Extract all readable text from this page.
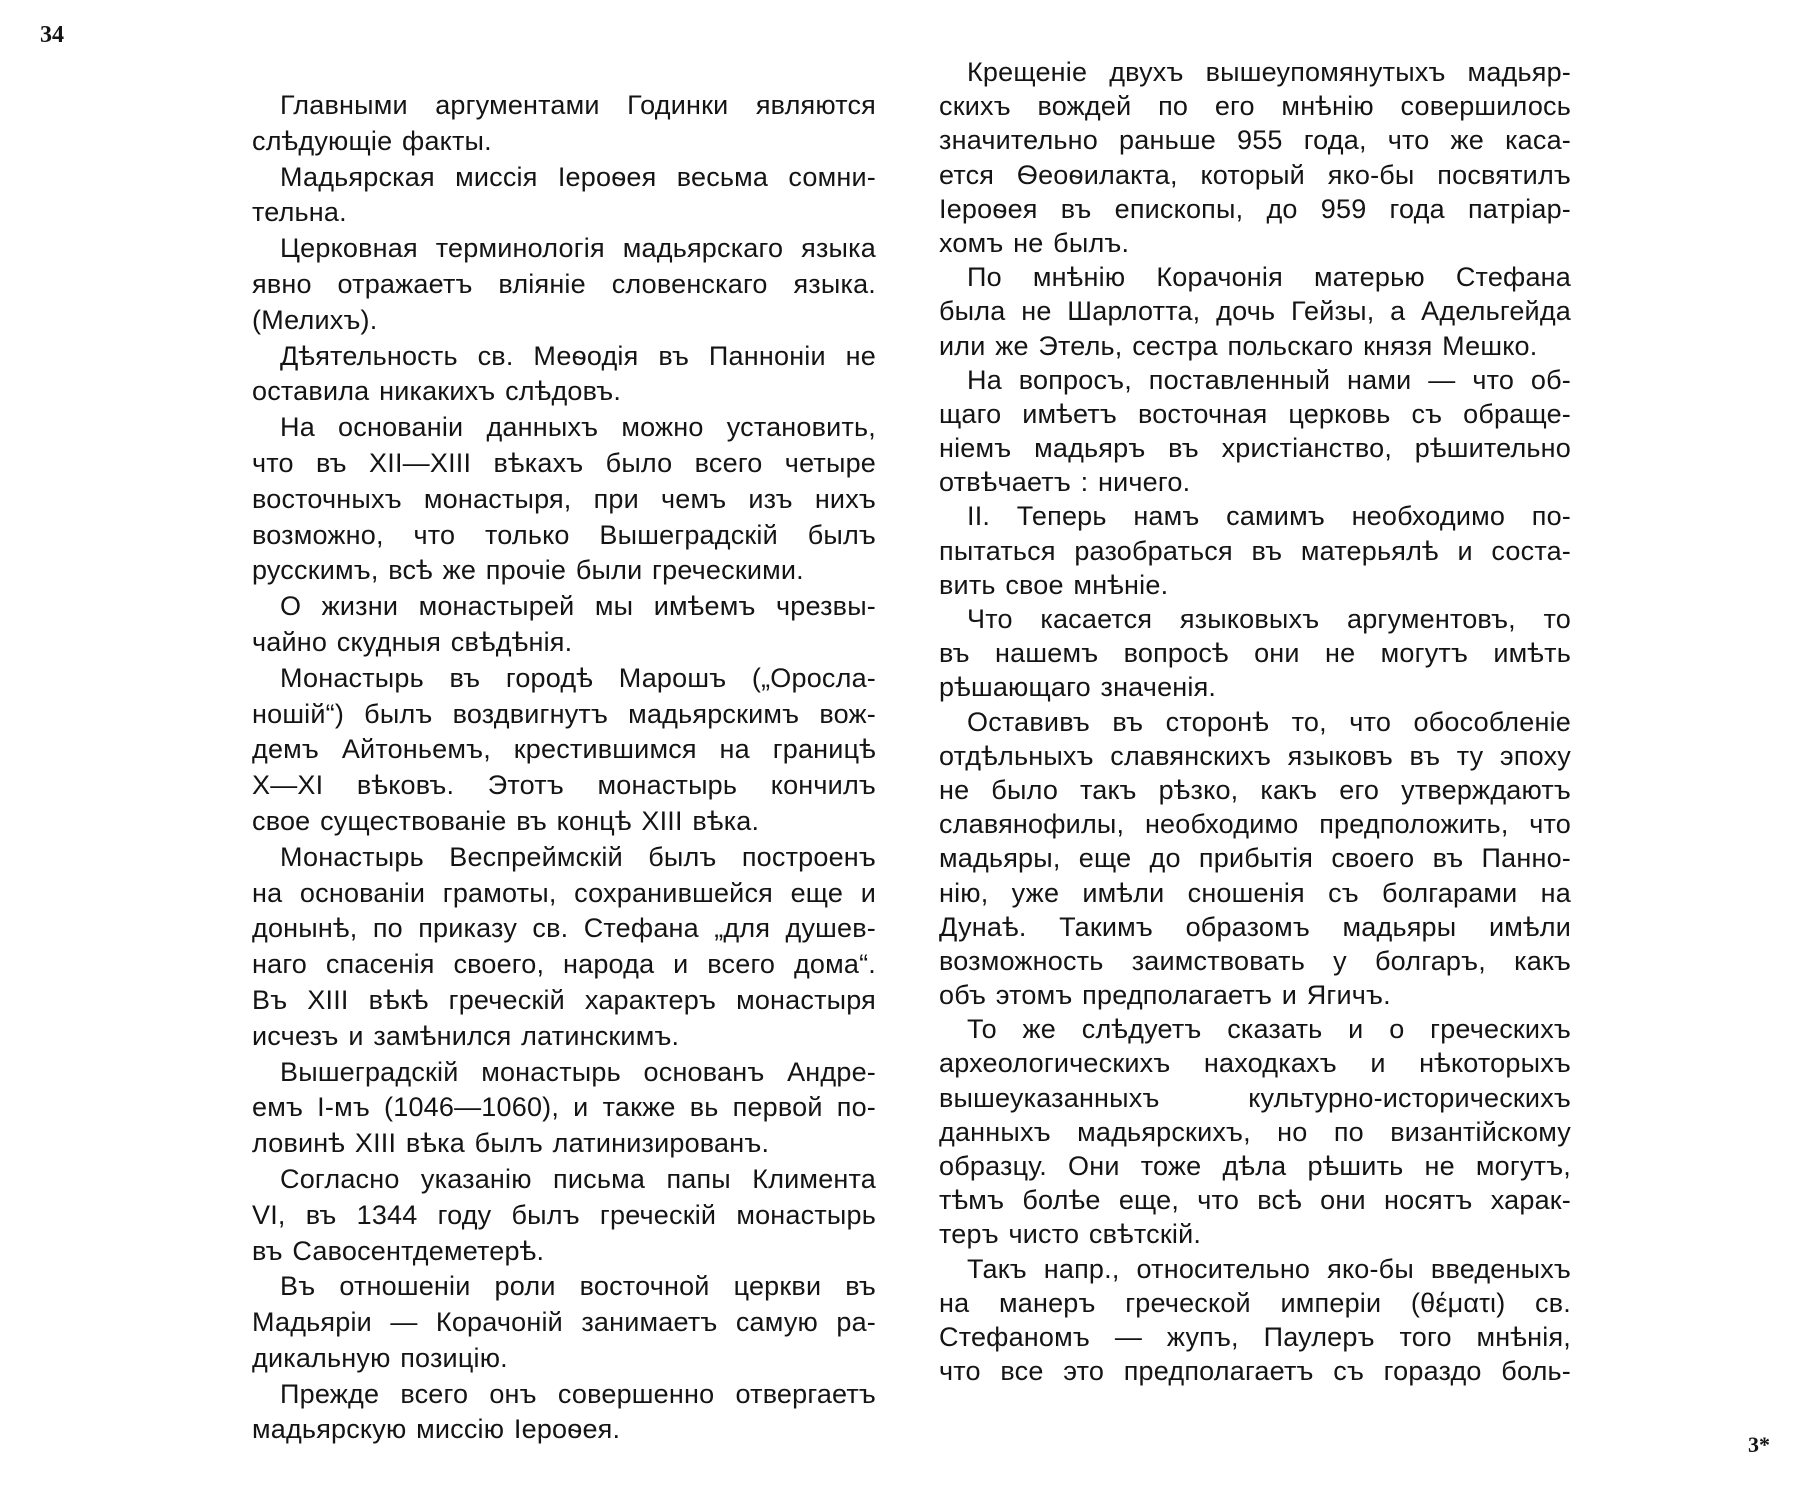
34
Главными аргументами Годинки являются
слѣдующіе факты.
Мадьярская миссія Іероѳея весьма сомни-
тельна.
Церковная терминологія мадьярскаго языка
явно отражаетъ вліяніе словенскаго языка.
(Мелихъ).
Дѣятельность св. Меѳодія въ Панноніи не
оставила никакихъ слѣдовъ.
На основаніи данныхъ можно установить,
что въ XII—XIII вѣкахъ было всего четыре
восточныхъ монастыря, при чемъ изъ нихъ
возможно, что только Вышеградскій былъ
русскимъ, всѣ же прочіе были греческими.
О жизни монастырей мы имѣемъ чрезвы-
чайно скудныя свѣдѣнія.
Монастырь въ городѣ Марошъ („Оросла-
ношій“) былъ воздвигнутъ мадьярскимъ вож-
демъ Айтоньемъ, крестившимся на границѣ
X—XI вѣковъ. Этотъ монастырь кончилъ
свое существованіе въ концѣ XIII вѣка.
Монастырь Веспреймскій былъ построенъ
на основаніи грамоты, сохранившейся еще и
донынѣ, по приказу св. Стефана „для душев-
наго спасенія своего, народа и всего дома“.
Въ XIII вѣкѣ греческій характеръ монастыря
исчезъ и замѣнился латинскимъ.
Вышеградскій монастырь основанъ Андре-
емъ I-мъ (1046—1060), и также вь первой по-
ловинѣ XIII вѣка былъ латинизированъ.
Согласно указанію письма папы Климента
VI, въ 1344 году былъ греческій монастырь
въ Савосентдеметерѣ.
Въ отношеніи роли восточной церкви въ
Мадьяріи — Корачоній занимаетъ самую ра-
дикальную позицію.
Прежде всего онъ совершенно отвергаетъ
мадьярскую миссію Іероѳея.
Крещеніе двухъ вышеупомянутыхъ мадьяр-
скихъ вождей по его мнѣнію совершилось
значительно раньше 955 года, что же каса-
ется Ѳеоѳилакта, который яко-бы посвятилъ
Іероѳея въ епископы, до 959 года патріар-
хомъ не былъ.
По мнѣнію Корачонія матерью Стефана
была не Шарлотта, дочь Гейзы, а Адельгейда
или же Этель, сестра польскаго князя Мешко.
На вопросъ, поставленный нами — что об-
щаго имѣетъ восточная церковь съ обраще-
ніемъ мадьяръ въ христіанство, рѣшительно
отвѣчаетъ : ничего.
II. Теперь намъ самимъ необходимо по-
пытаться разобраться въ матерьялѣ и соста-
вить свое мнѣніе.
Что касается языковыхъ аргументовъ, то
въ нашемъ вопросѣ они не могутъ имѣть
рѣшающаго значенія.
Оставивъ въ сторонѣ то, что обособленіе
отдѣльныхъ славянскихъ языковъ въ ту эпоху
не было такъ рѣзко, какъ его утверждаютъ
славянофилы, необходимо предположить, что
мадьяры, еще до прибытія своего въ Панно-
нію, уже имѣли сношенія съ болгарами на
Дунаѣ. Такимъ образомъ мадьяры имѣли
возможность заимствовать у болгаръ, какъ
объ этомъ предполагаетъ и Ягичъ.
То же слѣдуетъ сказать и о греческихъ
археологическихъ находкахъ и нѣкоторыхъ
вышеуказанныхъ культурно-историческихъ
данныхъ мадьярскихъ, но по византійскому
образцу. Они тоже дѣла рѣшить не могутъ,
тѣмъ болѣе еще, что всѣ они носятъ харак-
теръ чисто свѣтскій.
Такъ напр., относительно яко-бы введеныхъ
на манеръ греческой имперіи (θέματι) св.
Стефаномъ — жупъ, Паулеръ того мнѣнія,
что все это предполагаетъ съ гораздо боль-
3*
